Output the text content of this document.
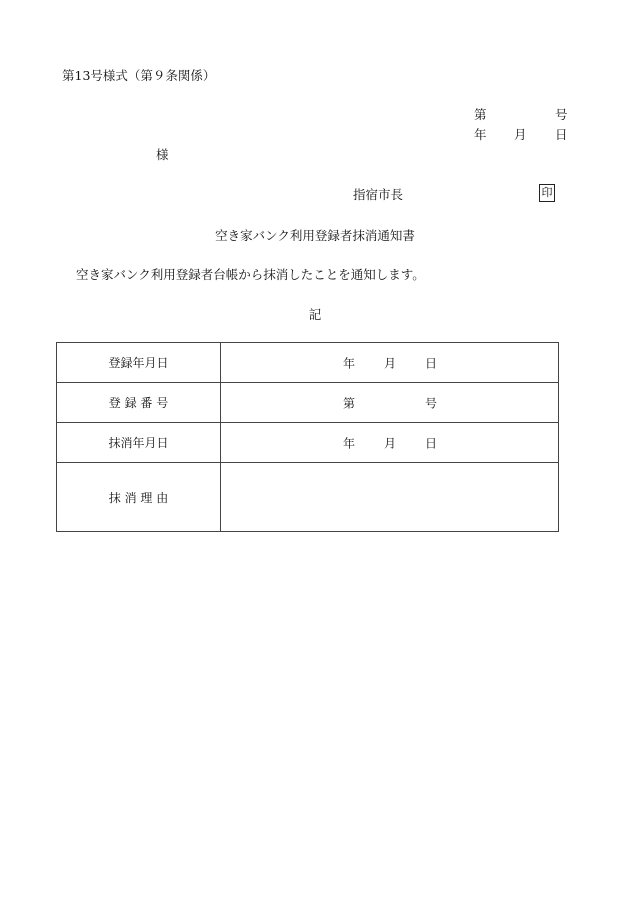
第13号様式（第９条関係）
第	号
年 月 日
様
指宿市長	印
空き家バンク利用登録者抹消通知書
空き家バンク利用登録者台帳から抹消したことを通知します。
記
登録年月日	年 月 日

登 録 番 号	第 号

抹消年月日	年 月 日

抹 消 理 由	
